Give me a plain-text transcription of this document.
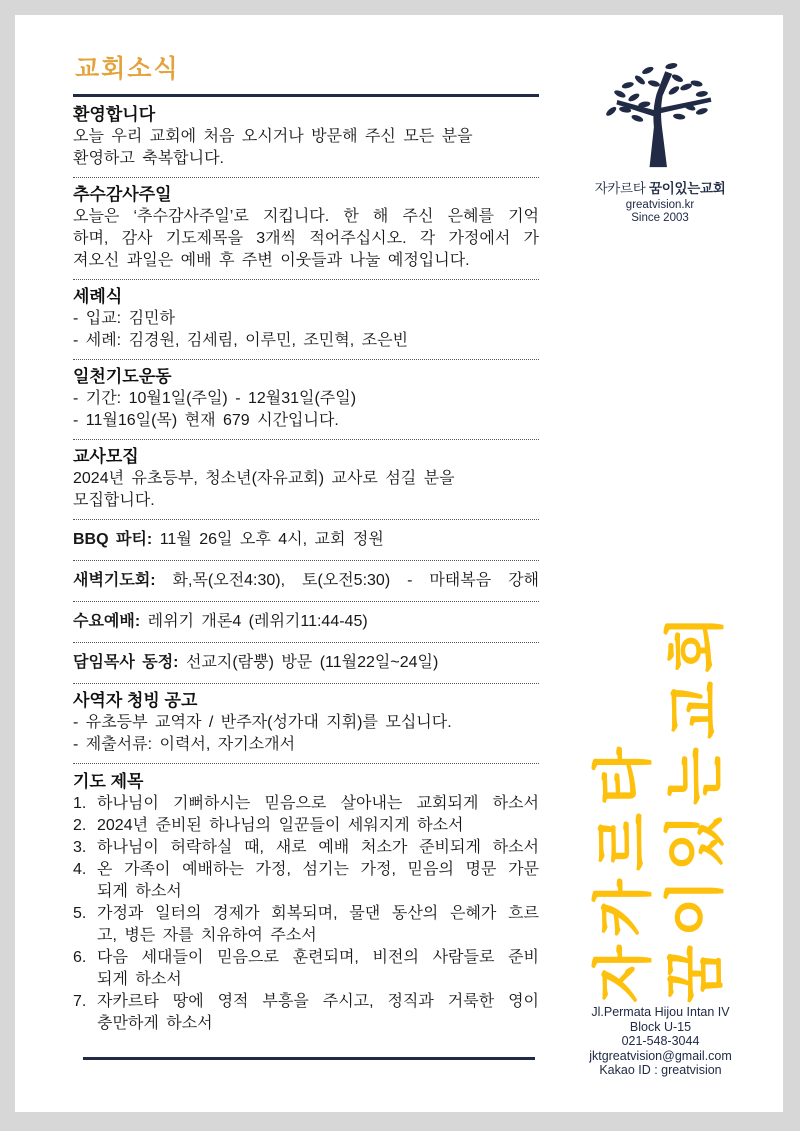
교회소식
환영합니다
오늘 우리 교회에 처음 오시거나 방문해 주신 모든 분을
환영하고 축복합니다.
추수감사주일
오늘은 ‘추수감사주일’로 지킵니다. 한 해 주신 은혜를 기억
하며, 감사 기도제목을 3개씩 적어주십시오. 각 가정에서 가
져오신 과일은 예배 후 주변 이웃들과 나눌 예정입니다.
세례식
- 입교: 김민하
- 세례: 김경원, 김세림, 이루민, 조민혁, 조은빈
일천기도운동
- 기간: 10월1일(주일) - 12월31일(주일)
- 11월16일(목) 현재 679 시간입니다.
교사모집
2024년 유초등부, 청소년(자유교회) 교사로 섬길 분을
모집합니다.
BBQ 파티: 11월 26일 오후 4시, 교회 정원
새벽기도회: 화,목(오전4:30), 토(오전5:30) - 마태복음 강해
수요예배: 레위기 개론4 (레위기11:44-45)
담임목사 동정: 선교지(람뿡) 방문 (11월22일~24일)
사역자 청빙 공고
- 유초등부 교역자 / 반주자(성가대 지휘)를 모십니다.
- 제출서류: 이력서, 자기소개서
기도 제목
1. 하나님이 기뻐하시는 믿음으로 살아내는 교회되게 하소서
2. 2024년 준비된 하나님의 일꾼들이 세워지게 하소서
3. 하나님이 허락하실 때, 새로 예배 처소가 준비되게 하소서
4. 온 가족이 예배하는 가정, 섬기는 가정, 믿음의 명문 가문
되게 하소서
5. 가정과 일터의 경제가 회복되며, 물댄 동산의 은혜가 흐르
고, 병든 자를 치유하여 주소서
6. 다음 세대들이 믿음으로 훈련되며, 비전의 사람들로 준비
되게 하소서
7. 자카르타 땅에 영적 부흥을 주시고, 정직과 거룩한 영이
충만하게 하소서
자카르타 꿈이있는교회
greatvision.kr
Since 2003
자카르타 꿈이있는교회
Jl.Permata Hijou Intan IV
Block U-15
021-548-3044
jktgreatvision@gmail.com
Kakao ID : greatvision
